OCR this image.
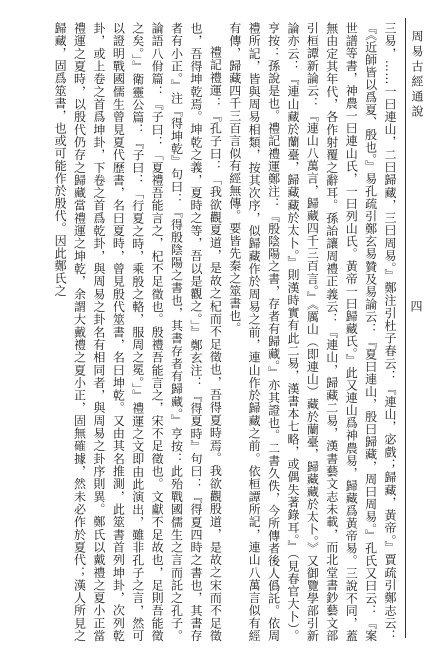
周易古經通說
四

三易，……一曰連山，二曰歸藏，三曰周易。』鄭注引杜子春云：『連山，宓戲；歸藏，黃帝。』賈疏引鄭志云：『《近師皆以爲夏、殷也。』易孔疏引鄭玄易贊及易論云：『夏曰連山，殷曰歸藏，周曰周易。』孔氏又曰云：『案世譜等書，神農一曰連山氏，一曰列山氏。黃帝一曰歸藏氏。』此又連山爲神農易，歸藏爲黃帝易。三說不同，蓋無由定其年代，各作射覆之辭耳。孫詒讓周禮正義云：『連山，歸藏二易，漢書藝文志未載，而北堂書鈔藝文部引桓譚新論云：『連山八萬言，歸藏四千三百言。』《厲山（即連山）藏於蘭臺，歸藏藏於太卜。》又御覽學部引新論亦云：『連山藏於蘭臺，歸藏藏於太卜。』則漢時實有此二易，漢書本七略，或偶失著錄耳。』（見春官大卜）。亨按：孫說是也。禮記禮運鄭注：『殷陰陽之書，存者有歸藏。』亦其證也。二書久佚，今所傳者後人僞託。依周禮所記，皆與周易相類，按其次序，似歸藏作於周易之前，連山作於歸藏之前。依桓譚所記，連山八萬言似有經有傳，歸藏四千三百言似有經無傳。要皆先秦之筮書也。

禮記禮運：『孔子曰：「我欲觀夏道，是故之杞而不足徵也，吾得夏時焉。我欲觀殷道，是故之宋而不足徵也，吾得坤乾焉。坤乾之義，夏時之等，吾以是觀之。」』鄭玄注：『得夏時』句曰：『得夏四時之書也，其書存者有小正。』注『得坤乾』句曰：『得殷陰陽之書也，其書存者有歸藏。』亨按：此殆戰國儒生之言而託之孔子。論語八佾篇：『子曰：「夏禮吾能言之，杞不足徵也。殷禮吾能言之，宋不足徵也。文獻不足故也，足則吾能徵之矣。」』衛靈公篇：『子曰：「行夏之時，乘殷之輅，服周之冕。」』禮運之文即由此演出，雖非孔子之言，然可以證明戰國儒生曾見夏代歷書，名曰夏時，曾見殷代筮書，名曰坤乾。又由其名推測，此筮書首列坤卦，次列乾卦，或上卷之首爲坤卦，下卷之首爲乾卦，與周易之卦名有相同者，與周易之卦序則異。鄭氏以戴禮之夏小正當禮運之夏時，以殷代仍存之歸藏當禮運之坤乾，余謂大戴禮之夏小正，固無確據，然未必作於夏代；漢人所見之歸藏，固爲筮書，也或可能作於殷代。因此鄭氏之
